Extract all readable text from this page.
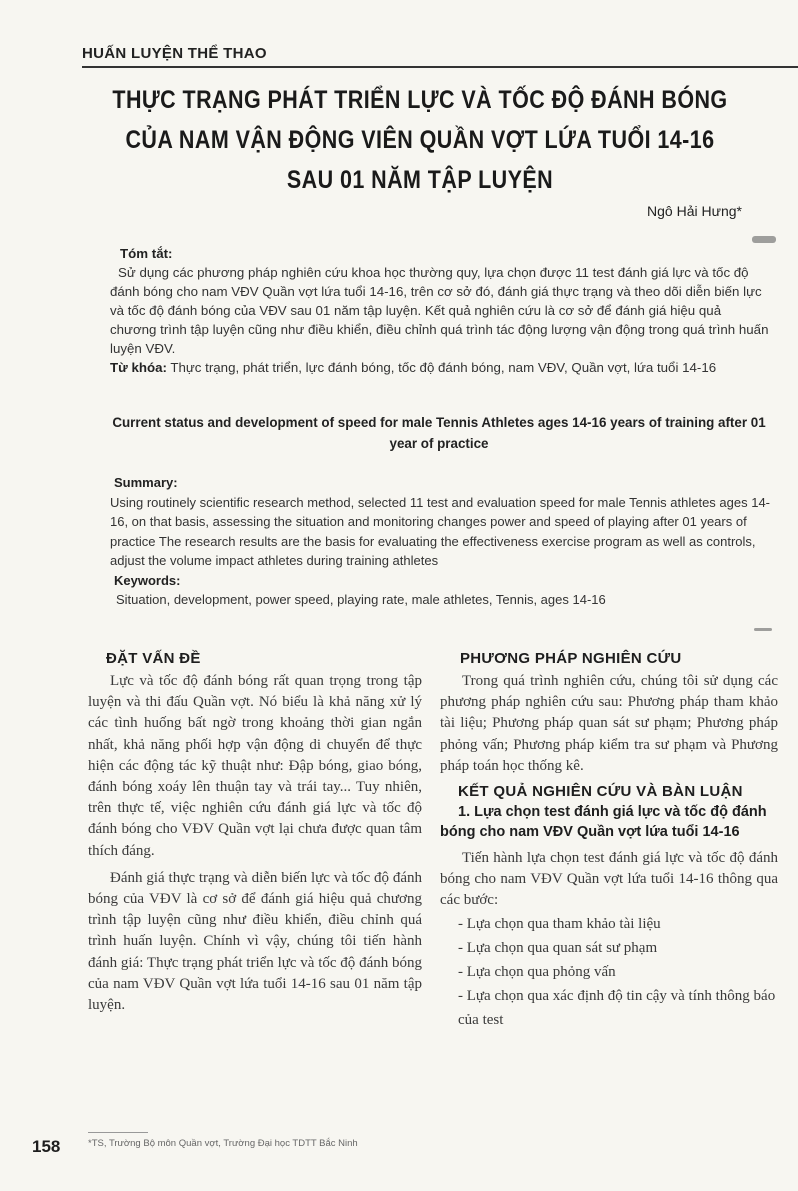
HUẤN LUYỆN THỂ THAO
THỰC TRẠNG PHÁT TRIỂN LỰC VÀ TỐC ĐỘ ĐÁNH BÓNG
CỦA NAM VẬN ĐỘNG VIÊN QUẦN VỢT LỨA TUỔI 14-16
SAU 01 NĂM TẬP LUYỆN
Ngô Hải Hưng*
Tóm tắt:

Sử dụng các phương pháp nghiên cứu khoa học thường quy, lựa chọn được 11 test đánh giá lực và tốc độ đánh bóng cho nam VĐV Quần vợt lứa tuổi 14-16, trên cơ sở đó, đánh giá thực trạng và theo dõi diễn biến lực và tốc độ đánh bóng của VĐV sau 01 năm tập luyện. Kết quả nghiên cứu là cơ sở để đánh giá hiệu quả chương trình tập luyện cũng như điều khiển, điều chỉnh quá trình tác động lượng vận động trong quá trình huấn luyện VĐV.

Từ khóa: Thực trạng, phát triển, lực đánh bóng, tốc độ đánh bóng, nam VĐV, Quần vợt, lứa tuổi 14-16

Current status and development of speed for male Tennis Athletes ages 14-16 years of training after 01 year of practice
Summary:

Using routinely scientific research method, selected 11 test and evaluation speed for male Tennis athletes ages 14-16, on that basis, assessing the situation and monitoring changes power and speed of playing after 01 years of practice The research results are the basis for evaluating the effectiveness exercise program as well as controls, adjust the volume impact athletes during training athletes

Keywords:

Situation, development, power speed, playing rate, male athletes, Tennis, ages 14-16

ĐẶT VẤN ĐỀ

Lực và tốc độ đánh bóng rất quan trọng trong tập luyện và thi đấu Quần vợt. Nó biểu là khả năng xử lý các tình huống bất ngờ trong khoảng thời gian ngắn nhất, khả năng phối hợp vận động di chuyển để thực hiện các động tác kỹ thuật như: Đập bóng, giao bóng, đánh bóng xoáy lên thuận tay và trái tay... Tuy nhiên, trên thực tế, việc nghiên cứu đánh giá lực và tốc độ đánh bóng cho VĐV Quần vợt lại chưa được quan tâm thích đáng.

Đánh giá thực trạng và diễn biến lực và tốc độ đánh bóng của VĐV là cơ sở để đánh giá hiệu quả chương trình tập luyện cũng như điều khiển, điều chỉnh quá trình huấn luyện. Chính vì vậy, chúng tôi tiến hành đánh giá: Thực trạng phát triển lực và tốc độ đánh bóng của nam VĐV Quần vợt lứa tuổi 14-16 sau 01 năm tập luyện.

PHƯƠNG PHÁP NGHIÊN CỨU

Trong quá trình nghiên cứu, chúng tôi sử dụng các phương pháp nghiên cứu sau: Phương pháp tham khảo tài liệu; Phương pháp quan sát sư phạm; Phương pháp phỏng vấn; Phương pháp kiểm tra sư phạm và Phương pháp toán học thống kê.

KẾT QUẢ NGHIÊN CỨU VÀ BÀN LUẬN
1. Lựa chọn test đánh giá lực và tốc độ đánh bóng cho nam VĐV Quần vợt lứa tuổi 14-16

Tiến hành lựa chọn test đánh giá lực và tốc độ đánh bóng cho nam VĐV Quần vợt lứa tuổi 14-16 thông qua các bước:

- Lựa chọn qua tham khảo tài liệu
- Lựa chọn qua quan sát sư phạm
- Lựa chọn qua phỏng vấn
- Lựa chọn qua xác định độ tin cậy và tính thông báo của test
158	*TS, Trường Bộ môn Quần vợt, Trường Đại học TDTT Bắc Ninh
